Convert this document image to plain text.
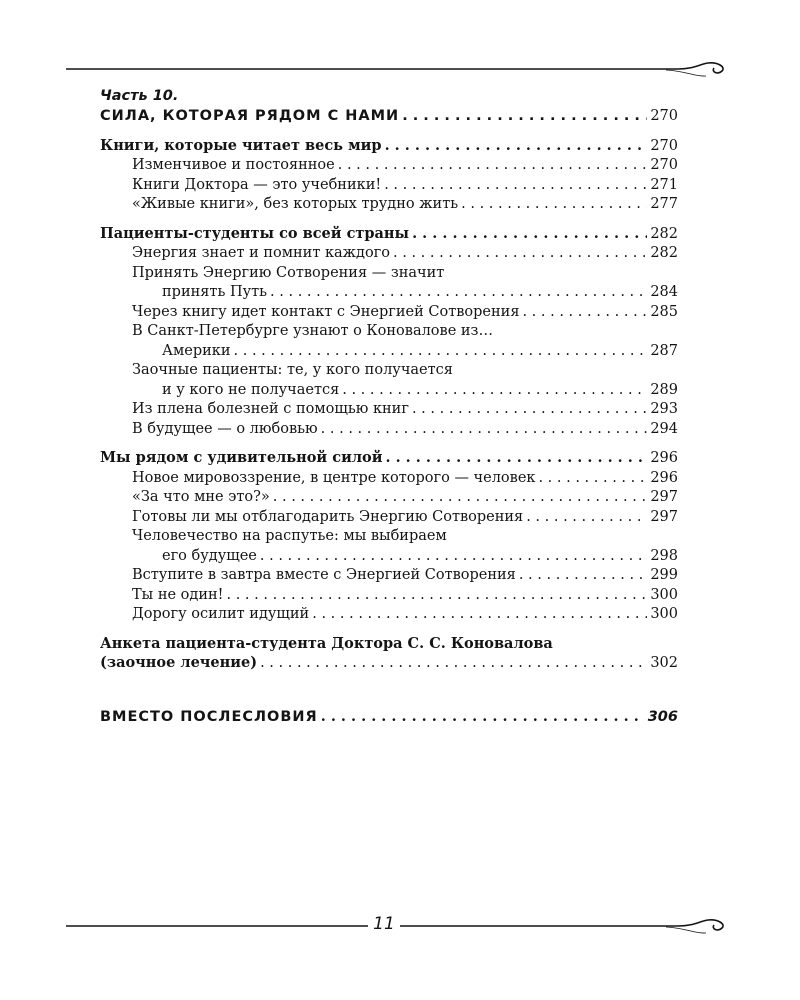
Часть 10.
СИЛА, КОТОРАЯ РЯДОМ С НАМИ . . .	270
Книги, которые читает весь мир . . .	270
Изменчивое и постоянное . . .	270
Книги Доктора — это учебники! . . .	271
«Живые книги», без которых трудно жить . . .	277
Пациенты-студенты со всей страны . . .	282
Энергия знает и помнит каждого . . .	282
Принять Энергию Сотворения — значит
принять Путь . . .	284
Через книгу идет контакт с Энергией Сотворения . . .	285
В Санкт-Петербурге узнают о Коновалове из…
Америки . . .	287
Заочные пациенты: те, у кого получается
и у кого не получается . . .	289
Из плена болезней с помощью книг . . .	293
В будущее — о любовью . . .	294
Мы рядом с удивительной силой . . .	296
Новое мировоззрение, в центре которого — человек . . .	296
«За что мне это?» . . .	297
Готовы ли мы отблагодарить Энергию Сотворения . . .	297
Человечество на распутье: мы выбираем
его будущее . . .	298
Вступите в завтра вместе с Энергией Сотворения . . .	299
Ты не один! . . .	300
Дорогу осилит идущий . . .	300
Анкета пациента-студента Доктора С. С. Коновалова
(заочное лечение) . . .	302
ВМЕСТО ПОСЛЕСЛОВИЯ . . .	306
11
